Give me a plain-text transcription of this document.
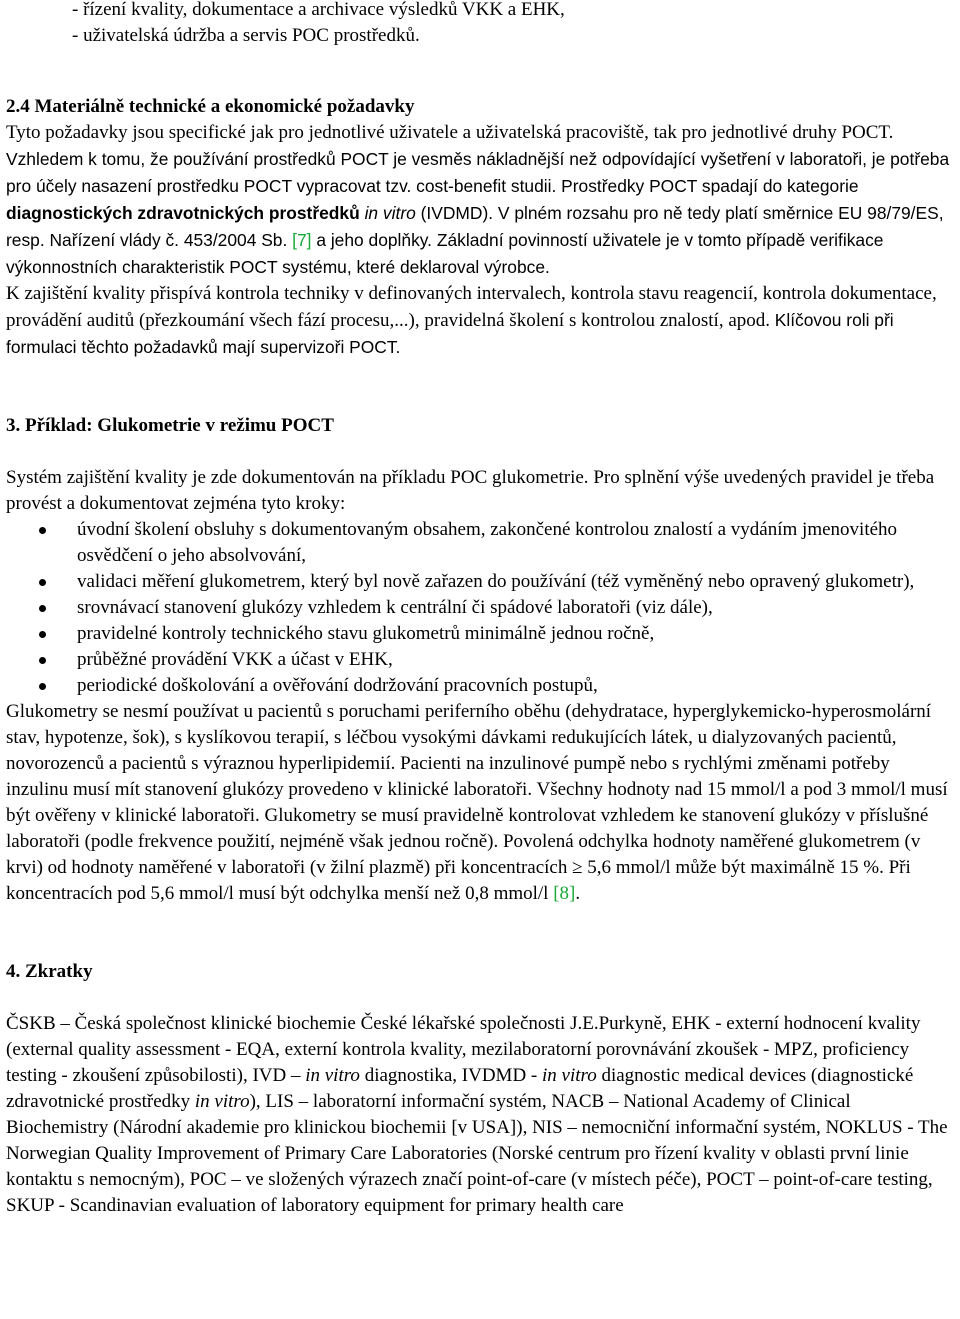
- řízení kvality, dokumentace a archivace výsledků VKK a EHK,
- uživatelská údržba a servis POC prostředků.

2.4 Materiálně technické a ekonomické požadavky

Tyto požadavky jsou specifické jak pro jednotlivé uživatele a uživatelská pracoviště, tak pro jednotlivé druhy POCT. Vzhledem k tomu, že používání prostředků POCT je vesměs nákladnější než odpovídající vyšetření v laboratoři, je potřeba pro účely nasazení prostředku POCT vypracovat tzv. cost-benefit studii. Prostředky POCT spadají do kategorie diagnostických zdravotnických prostředků in vitro (IVDMD). V plném rozsahu pro ně tedy platí směrnice EU 98/79/ES, resp. Nařízení vlády č. 453/2004 Sb. [7] a jeho doplňky. Základní povinností uživatele je v tomto případě verifikace výkonnostních charakteristik POCT systému, které deklaroval výrobce.

K zajištění kvality přispívá kontrola techniky v definovaných intervalech, kontrola stavu reagencií, kontrola dokumentace, provádění auditů (přezkoumání všech fází procesu,...), pravidelná školení s kontrolou znalostí, apod. Klíčovou roli při formulaci těchto požadavků mají supervizoři POCT.

3. Příklad: Glukometrie v režimu POCT

Systém zajištění kvality je zde dokumentován na příkladu POC glukometrie. Pro splnění výše uvedených pravidel je třeba provést a dokumentovat zejména tyto kroky:

úvodní školení obsluhy s dokumentovaným obsahem, zakončené kontrolou znalostí a vydáním jmenovitého osvědčení o jeho absolvování,
validaci měření glukometrem, který byl nově zařazen do používání (též vyměněný nebo opravený glukometr),
srovnávací stanovení glukózy vzhledem k centrální či spádové laboratoři (viz dále),
pravidelné kontroly technického stavu glukometrů minimálně jednou ročně,
průběžné provádění VKK a účast v EHK,
periodické doškolování a ověřování dodržování pracovních postupů,

Glukometry se nesmí používat u pacientů s poruchami periferního oběhu (dehydratace, hyperglykemicko-hyperosmolární stav, hypotenze, šok), s kyslíkovou terapií, s léčbou vysokými dávkami redukujících látek, u dialyzovaných pacientů, novorozenců a pacientů s výraznou hyperlipidemií. Pacienti na inzulinové pumpě nebo s rychlými změnami potřeby inzulinu musí mít stanovení glukózy provedeno v klinické laboratoři. Všechny hodnoty nad 15 mmol/l a pod 3 mmol/l musí být ověřeny v klinické laboratoři. Glukometry se musí pravidelně kontrolovat vzhledem ke stanovení glukózy v příslušné laboratoři (podle frekvence použití, nejméně však jednou ročně). Povolená odchylka hodnoty naměřené glukometrem (v krvi) od hodnoty naměřené v laboratoři (v žilní plazmě) při koncentracích ≥ 5,6 mmol/l může být maximálně 15 %. Při koncentracích pod 5,6 mmol/l musí být odchylka menší než 0,8 mmol/l [8].

4. Zkratky

ČSKB – Česká společnost klinické biochemie České lékařské společnosti J.E.Purkyně, EHK - externí hodnocení kvality (external quality assessment - EQA, externí kontrola kvality, mezilaboratorní porovnávání zkoušek - MPZ, proficiency testing - zkoušení způsobilosti), IVD – in vitro diagnostika, IVDMD - in vitro diagnostic medical devices (diagnostické zdravotnické prostředky in vitro), LIS – laboratorní informační systém, NACB – National Academy of Clinical Biochemistry (Národní akademie pro klinickou biochemii [v USA]), NIS – nemocniční informační systém, NOKLUS - The Norwegian Quality Improvement of Primary Care Laboratories (Norské centrum pro řízení kvality v oblasti první linie kontaktu s nemocným), POC – ve složených výrazech značí point-of-care (v místech péče), POCT – point-of-care testing, SKUP - Scandinavian evaluation of laboratory equipment for primary health care
